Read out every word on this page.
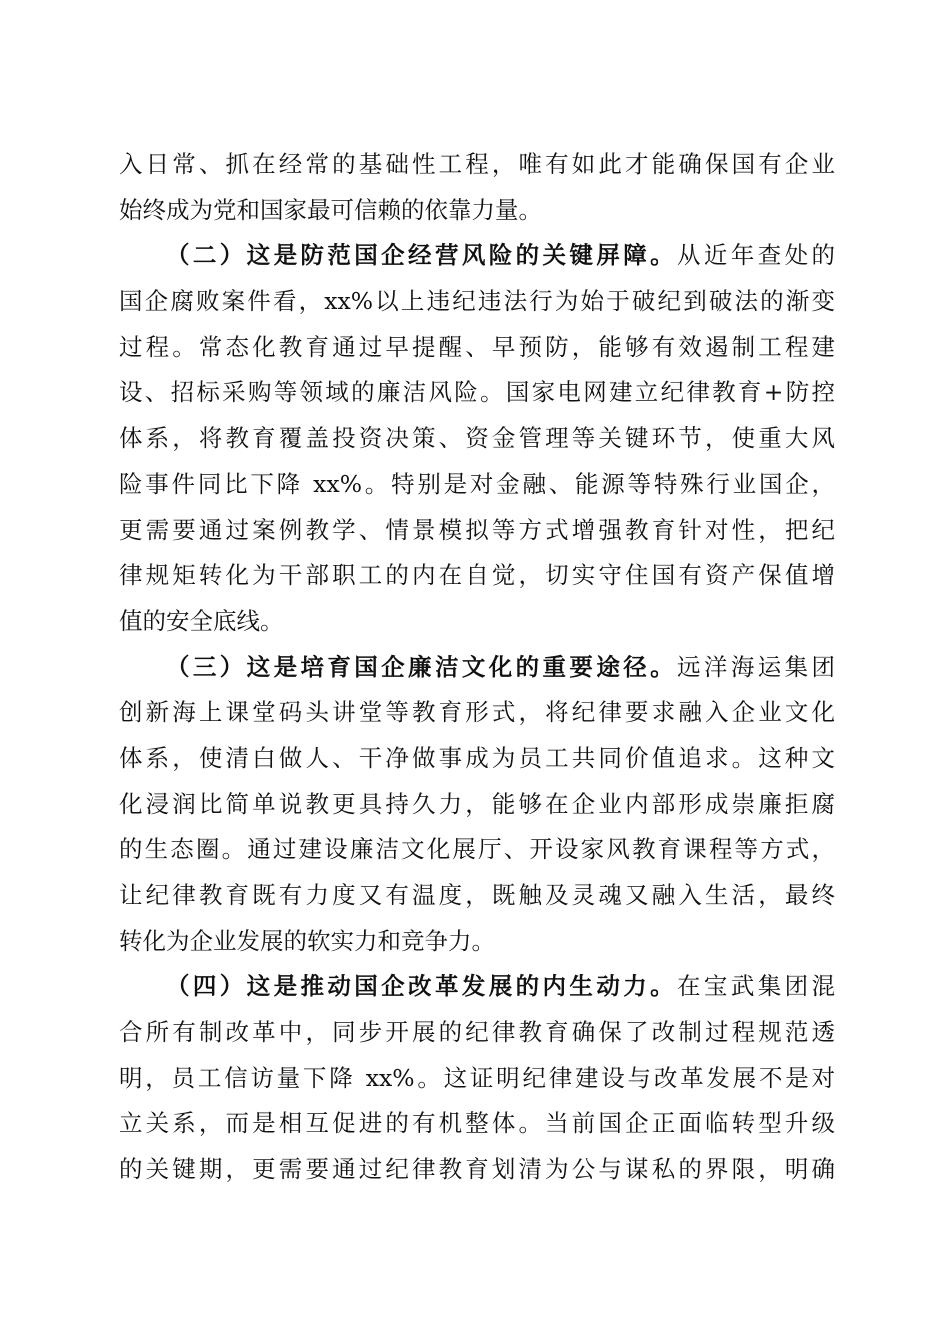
入日常、抓在经常的基础性工程，唯有如此才能确保国有企业
始终成为党和国家最可信赖的依靠力量。
（二）这是防范国企经营风险的关键屏障。从近年查处的
国企腐败案件看，xx%以上违纪违法行为始于破纪到破法的渐变
过程。常态化教育通过早提醒、早预防，能够有效遏制工程建
设、招标采购等领域的廉洁风险。国家电网建立纪律教育+防控
体系，将教育覆盖投资决策、资金管理等关键环节，使重大风
险事件同比下降 xx%。特别是对金融、能源等特殊行业国企，
更需要通过案例教学、情景模拟等方式增强教育针对性，把纪
律规矩转化为干部职工的内在自觉，切实守住国有资产保值增
值的安全底线。
（三）这是培育国企廉洁文化的重要途径。远洋海运集团
创新海上课堂码头讲堂等教育形式，将纪律要求融入企业文化
体系，使清白做人、干净做事成为员工共同价值追求。这种文
化浸润比简单说教更具持久力，能够在企业内部形成崇廉拒腐
的生态圈。通过建设廉洁文化展厅、开设家风教育课程等方式，
让纪律教育既有力度又有温度，既触及灵魂又融入生活，最终
转化为企业发展的软实力和竞争力。
（四）这是推动国企改革发展的内生动力。在宝武集团混
合所有制改革中，同步开展的纪律教育确保了改制过程规范透
明，员工信访量下降 xx%。这证明纪律建设与改革发展不是对
立关系，而是相互促进的有机整体。当前国企正面临转型升级
的关键期，更需要通过纪律教育划清为公与谋私的界限，明确
